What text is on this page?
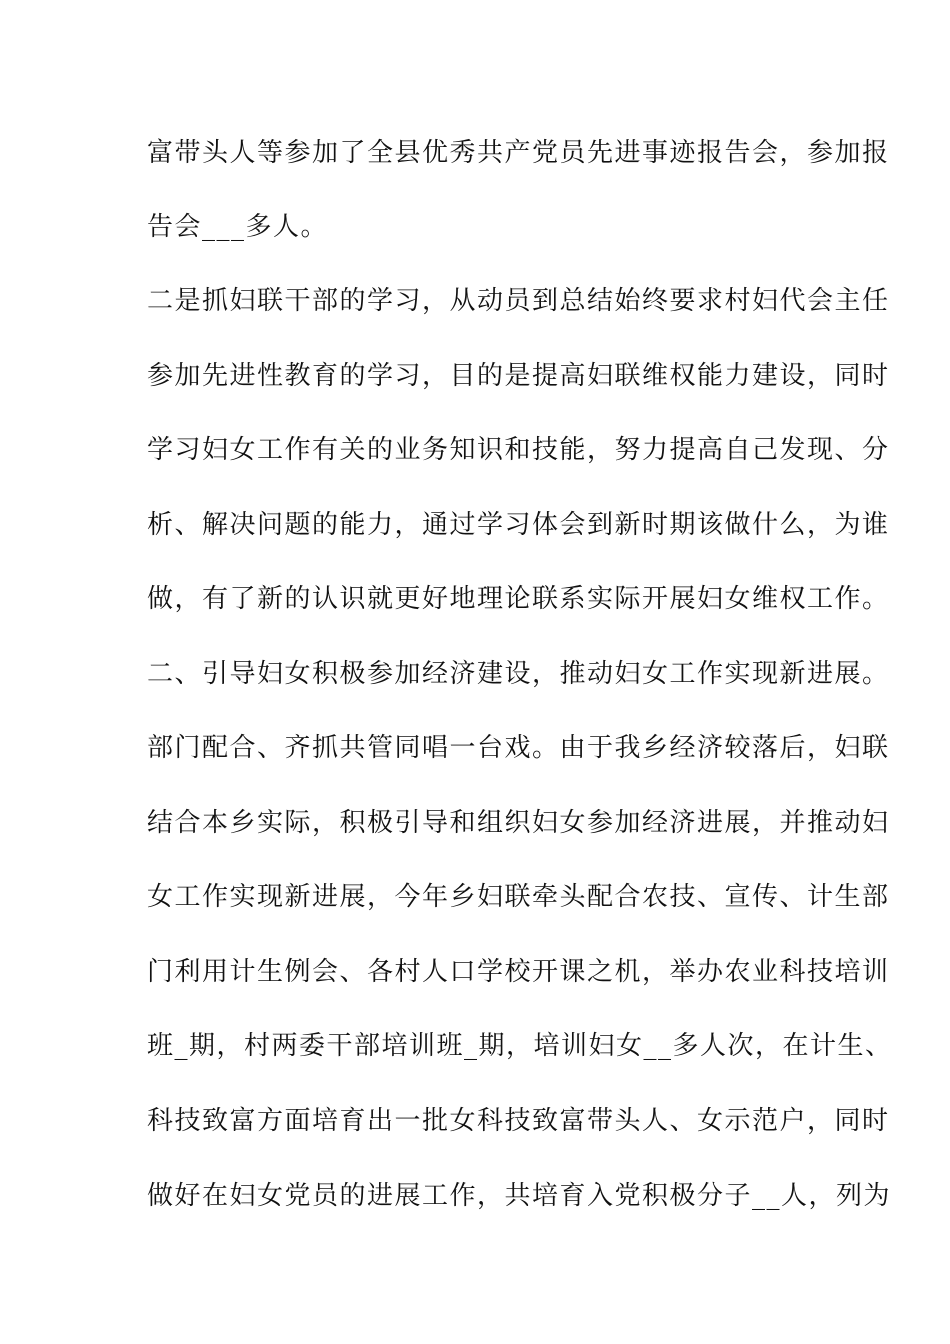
富带头人等参加了全县优秀共产党员先进事迹报告会，参加报
告会___多人。
二是抓妇联干部的学习，从动员到总结始终要求村妇代会主任
参加先进性教育的学习，目的是提高妇联维权能力建设，同时
学习妇女工作有关的业务知识和技能，努力提高自己发现、分
析、解决问题的能力，通过学习体会到新时期该做什么，为谁
做，有了新的认识就更好地理论联系实际开展妇女维权工作。
二、引导妇女积极参加经济建设，推动妇女工作实现新进展。
部门配合、齐抓共管同唱一台戏。由于我乡经济较落后，妇联
结合本乡实际，积极引导和组织妇女参加经济进展，并推动妇
女工作实现新进展，今年乡妇联牵头配合农技、宣传、计生部
门利用计生例会、各村人口学校开课之机，举办农业科技培训
班_期，村两委干部培训班_期，培训妇女__多人次，在计生、
科技致富方面培育出一批女科技致富带头人、女示范户，同时
做好在妇女党员的进展工作，共培育入党积极分子__人，列为
